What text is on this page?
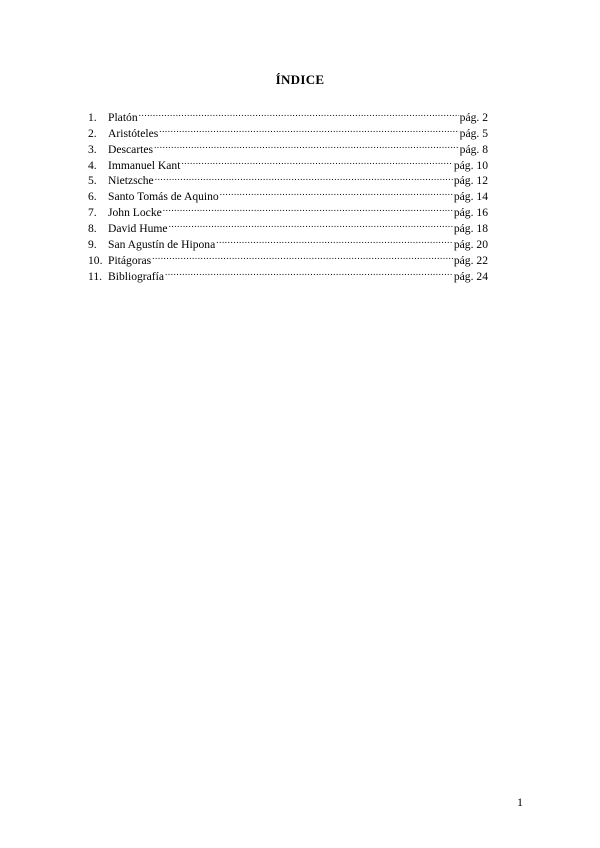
ÍNDICE
1. Platón .....	pág. 2
2. Aristóteles .....	pág. 5
3. Descartes .....	pág. 8
4. Immanuel Kant .....	pág. 10
5. Nietzsche .....	pág. 12
6. Santo Tomás de Aquino .....	pág. 14
7. John Locke .....	pág. 16
8. David Hume .....	pág. 18
9. San Agustín de Hipona .....	pág. 20
10. Pitágoras .....	pág. 22
11. Bibliografía .....	pág. 24
1
